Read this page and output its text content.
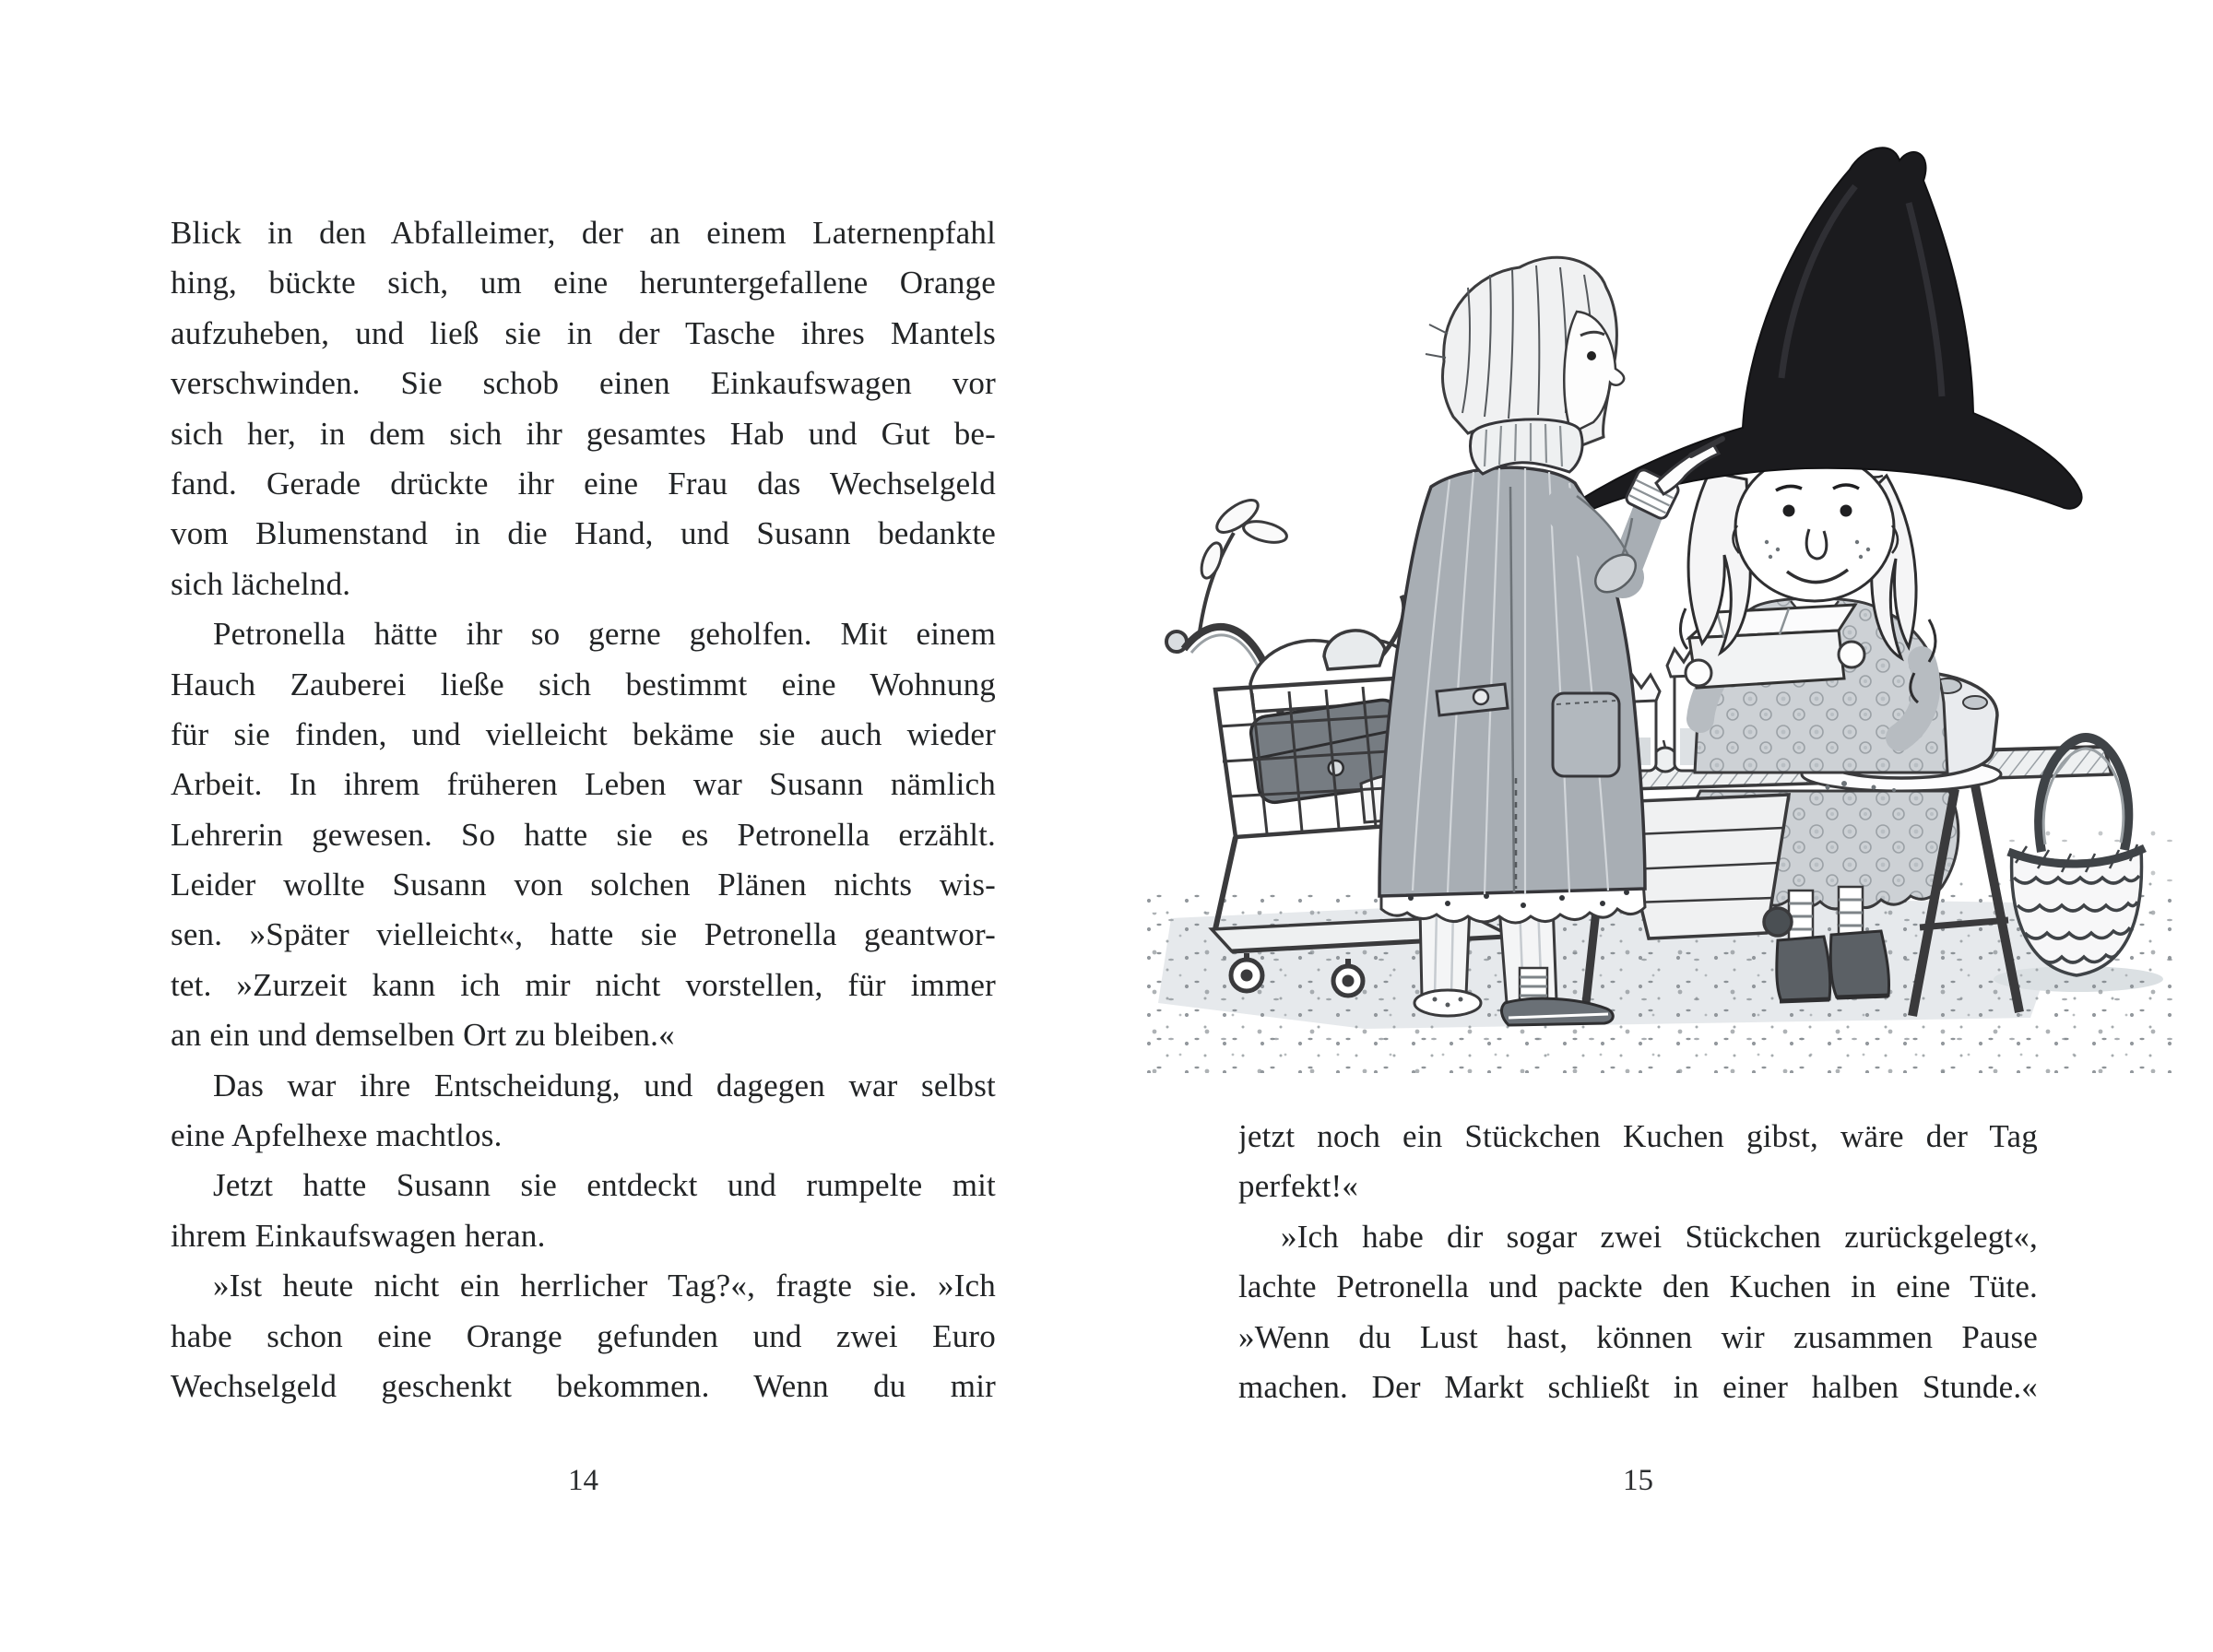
Blick in den Abfalleimer, der an einem Laternenpfahl
hing, bückte sich, um eine heruntergefallene Orange
aufzuheben, und ließ sie in der Tasche ihres Mantels
verschwinden. Sie schob einen Einkaufswagen vor
sich her, in dem sich ihr gesamtes Hab und Gut be-
fand. Gerade drückte ihr eine Frau das Wechselgeld
vom Blumenstand in die Hand, und Susann bedankte
sich lächelnd.
Petronella hätte ihr so gerne geholfen. Mit einem
Hauch Zauberei ließe sich bestimmt eine Wohnung
für sie finden, und vielleicht bekäme sie auch wieder
Arbeit. In ihrem früheren Leben war Susann nämlich
Lehrerin gewesen. So hatte sie es Petronella erzählt.
Leider wollte Susann von solchen Plänen nichts wis-
sen. »Später vielleicht«, hatte sie Petronella geantwor-
tet. »Zurzeit kann ich mir nicht vorstellen, für immer
an ein und demselben Ort zu bleiben.«
Das war ihre Entscheidung, und dagegen war selbst
eine Apfelhexe machtlos.
Jetzt hatte Susann sie entdeckt und rumpelte mit
ihrem Einkaufswagen heran.
»Ist heute nicht ein herrlicher Tag?«, fragte sie. »Ich
habe schon eine Orange gefunden und zwei Euro
Wechselgeld geschenkt bekommen. Wenn du mir
14
jetzt noch ein Stückchen Kuchen gibst, wäre der Tag
perfekt!«
»Ich habe dir sogar zwei Stückchen zurückgelegt«,
lachte Petronella und packte den Kuchen in eine Tüte.
»Wenn du Lust hast, können wir zusammen Pause
machen. Der Markt schließt in einer halben Stunde.«
15
